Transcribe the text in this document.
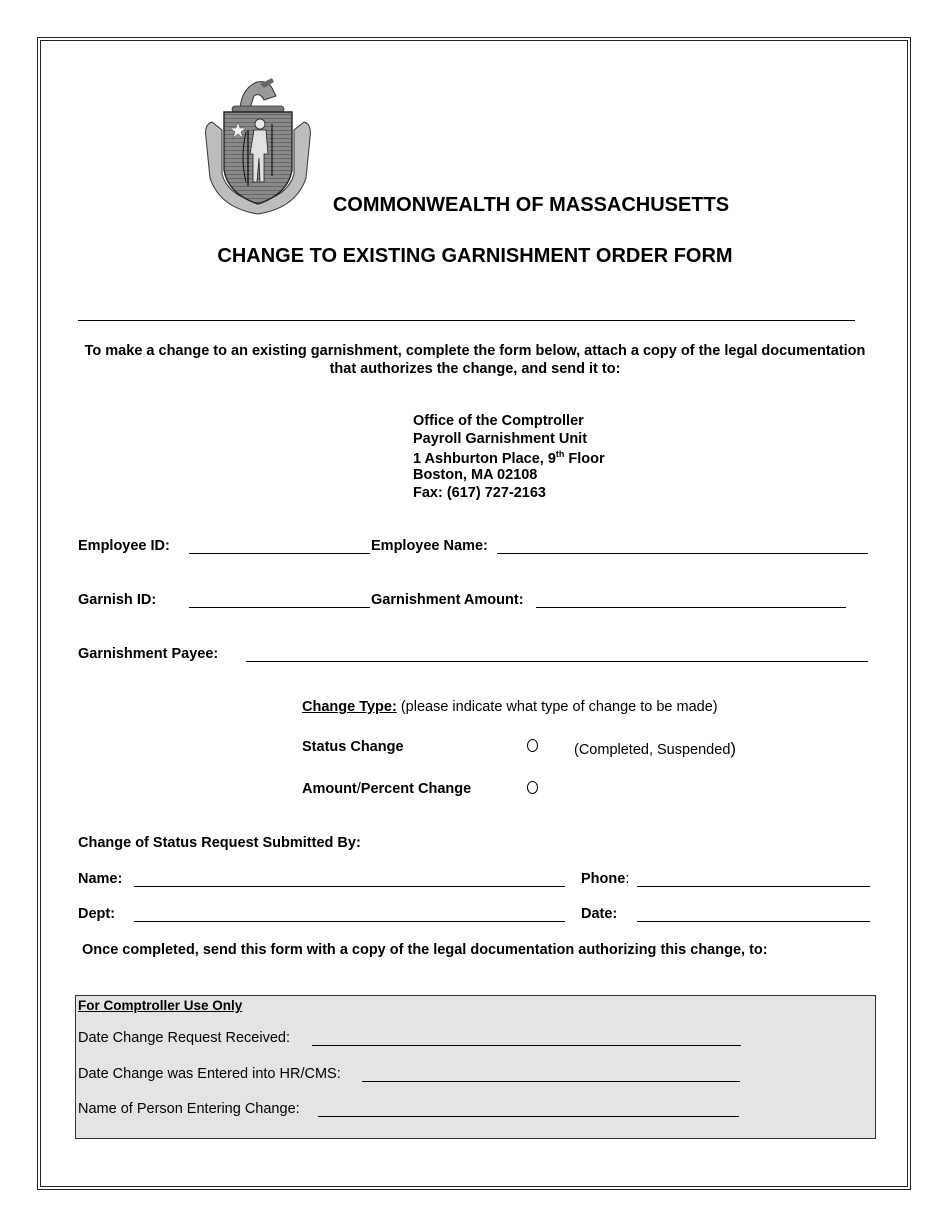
COMMONWEALTH OF MASSACHUSETTS
CHANGE TO EXISTING GARNISHMENT ORDER FORM
To make a change to an existing garnishment, complete the form below, attach a copy of the legal documentation that authorizes the change, and send it to:
Office of the Comptroller
Payroll Garnishment Unit
1 Ashburton Place, 9th Floor
Boston, MA 02108
Fax: (617) 727-2163
Employee ID:	Employee Name:
Garnish ID:	Garnishment Amount:
Garnishment Payee:
Change Type: (please indicate what type of change to be made)
Status Change	(Completed, Suspended)
Amount/Percent Change
Change of Status Request Submitted By:
Name:	Phone:
Dept:	Date:
Once completed, send this form with a copy of the legal documentation authorizing this change, to:
For Comptroller Use Only
Date Change Request Received:
Date Change was Entered into HR/CMS:
Name of Person Entering Change:
